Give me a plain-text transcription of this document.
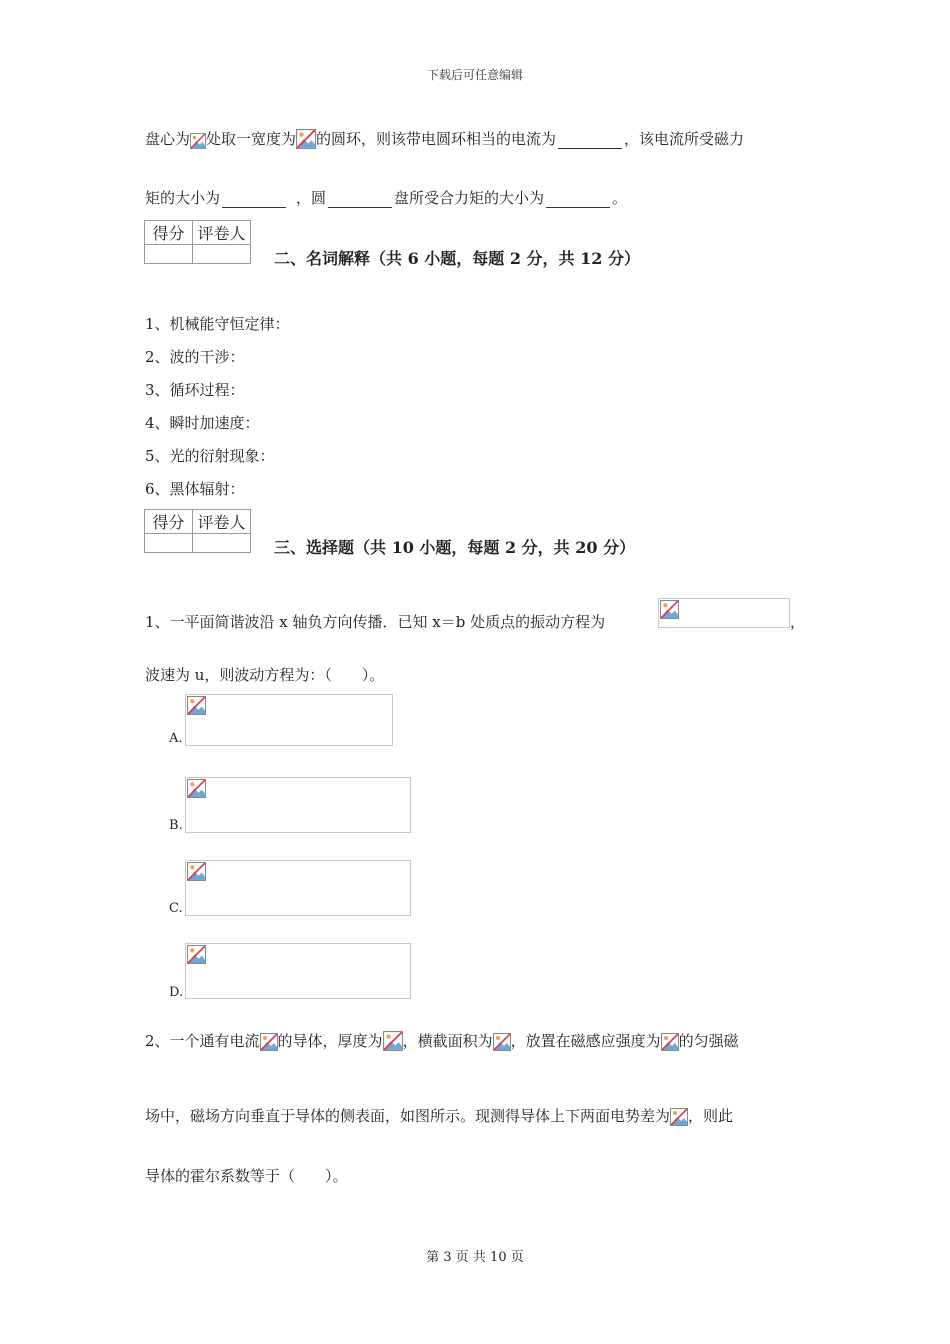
下载后可任意编辑
盘心为 处取一宽度为 的圆环，则该带电圆环相当的电流为	，该电流所受磁力
矩的大小为	，圆	盘所受合力矩的大小为	。
得分	评卷人

二、名词解释（共 6 小题，每题 2 分，共 12 分）
1、机械能守恒定律：
2、波的干涉：
3、循环过程：
4、瞬时加速度：
5、光的衍射现象：
6、黑体辐射：
得分	评卷人

三、选择题（共 10 小题，每题 2 分，共 20 分）
1、一平面简谐波沿 x 轴负方向传播．已知 x＝b 处质点的振动方程为	，
波速为 u，则波动方程为：（　　）。
A.
B.
C.
D.
2、一个通有电流 的导体，厚度为 ，横截面积为 ，放置在磁感应强度为 的匀强磁
场中，磁场方向垂直于导体的侧表面，如图所示。现测得导体上下两面电势差为 ，则此
导体的霍尔系数等于（　　）。
第 3 页 共 10 页
